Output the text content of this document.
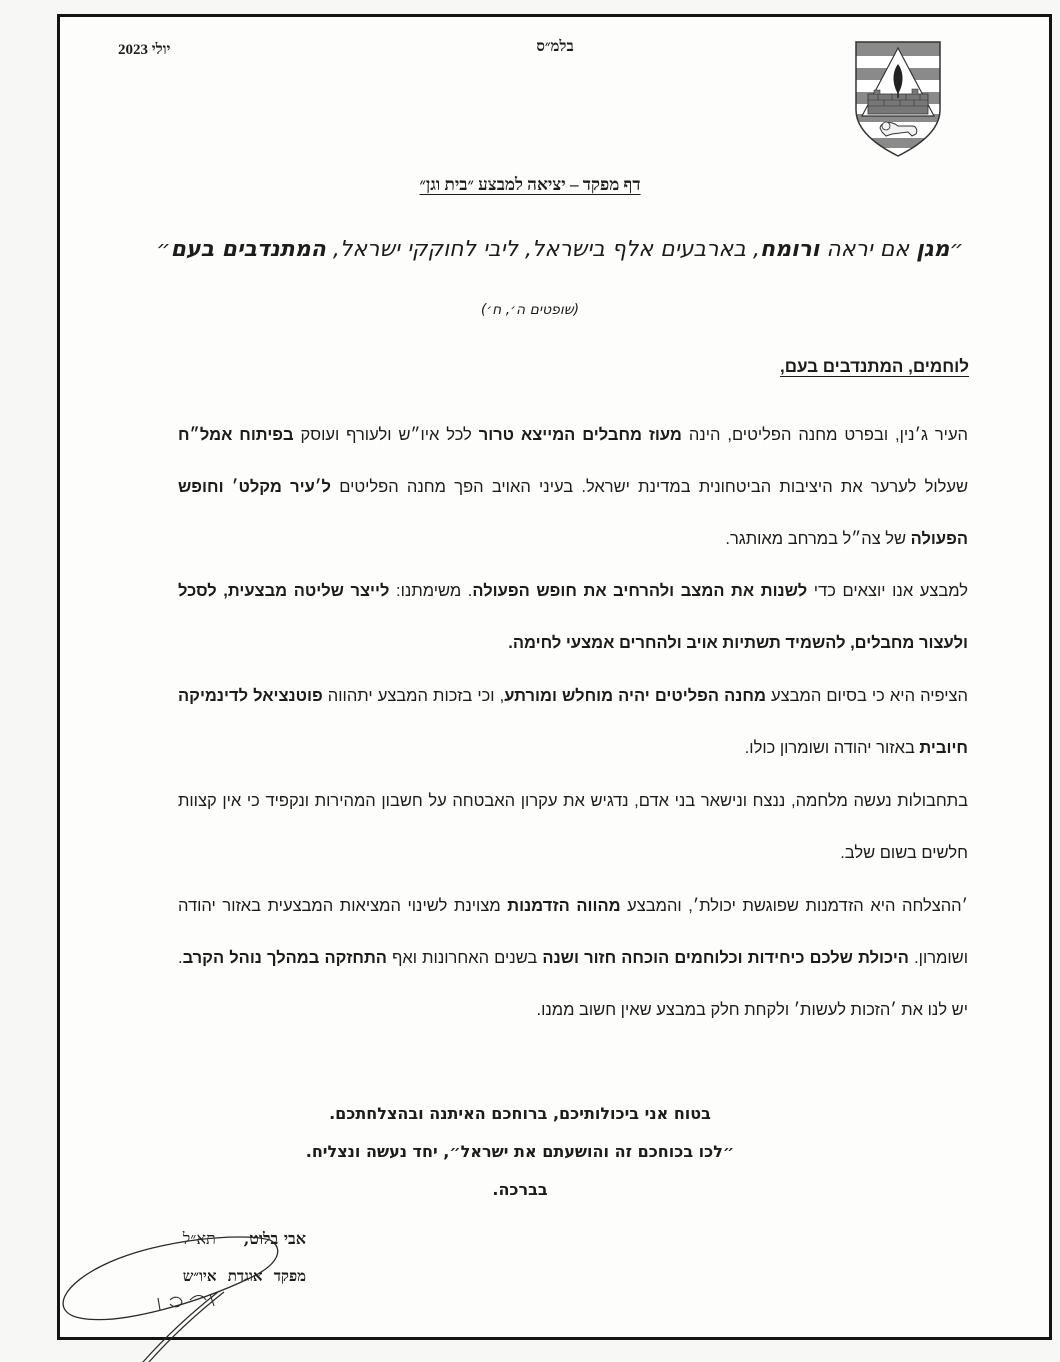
יולי 2023	בלמ״ס
דף מפקד – יציאה למבצע ״בית וגן״
״מגן אם יראה ורומח, בארבעים אלף בישראל, ליבי לחוקקי ישראל, המתנדבים בעם״
(שופטים ה׳, ח׳)
לוחמים, המתנדבים בעם,
העיר ג׳נין, ובפרט מחנה הפליטים, הינה מעוז מחבלים המייצא טרור לכל איו״ש ולעורף ועוסק בפיתוח אמל״ח שעלול לערער את היציבות הביטחונית במדינת ישראל. בעיני האויב הפך מחנה הפליטים ל׳עיר מקלט׳ וחופש הפעולה של צה״ל במרחב מאותגר.
למבצע אנו יוצאים כדי לשנות את המצב ולהרחיב את חופש הפעולה. משימתנו: לייצר שליטה מבצעית, לסכל ולעצור מחבלים, להשמיד תשתיות אויב ולהחרים אמצעי לחימה.
הציפיה היא כי בסיום המבצע מחנה הפליטים יהיה מוחלש ומורתע, וכי בזכות המבצע יתהווה פוטנציאל לדינמיקה חיובית באזור יהודה ושומרון כולו.
בתחבולות נעשה מלחמה, ננצח ונישאר בני אדם, נדגיש את עקרון האבטחה על חשבון המהירות ונקפיד כי אין קצוות חלשים בשום שלב.
׳ההצלחה היא הזדמנות שפוגשת יכולת׳, והמבצע מהווה הזדמנות מצוינת לשינוי המציאות המבצעית באזור יהודה ושומרון. היכולת שלכם כיחידות וכלוחמים הוכחה חזור ושנה בשנים האחרונות ואף התחזקה במהלך נוהל הקרב. יש לנו את ׳הזכות לעשות׳ ולקחת חלק במבצע שאין חשוב ממנו.
בטוח אני ביכולותיכם, ברוחכם האיתנה ובהצלחתכם.
״לכו בכוחכם זה והושעתם את ישראל״, יחד נעשה ונצליח.
בברכה.
אבי בלוט,תא״ל
מפקד אוגדת איו״ש
